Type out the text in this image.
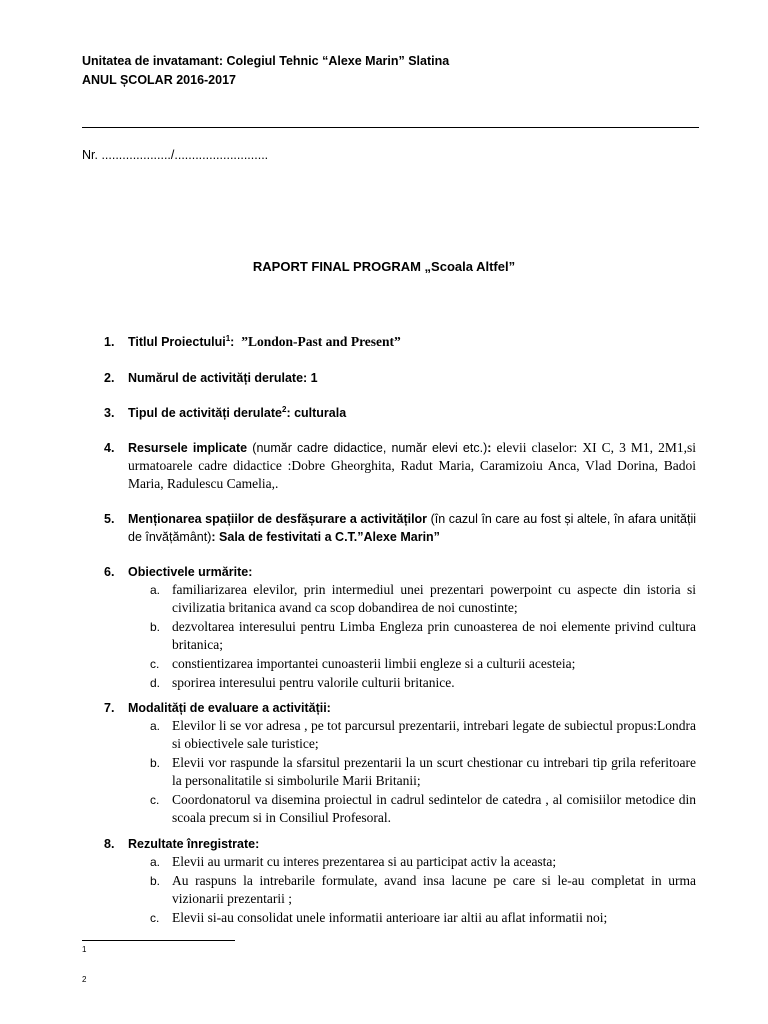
Unitatea de invatamant: Colegiul Tehnic “Alexe Marin” Slatina
ANUL ȘCOLAR 2016-2017
Nr. ..................../...........................
RAPORT FINAL PROGRAM „Scoala Altfel”
1. Titlul Proiectului$^1$: ”London-Past and Present”
2. Numărul de activități derulate: 1
3. Tipul de activități derulate$^2$: culturala
4. Resursele implicate (număr cadre didactice, număr elevi etc.): elevii claselor: XI C, 3 M1, 2M1,si urmatoarele cadre didactice :Dobre Gheorghita, Radut Maria, Caramizoiu Anca, Vlad Dorina, Badoi Maria, Radulescu Camelia,.
5. Menționarea spațiilor de desfășurare a activităților (în cazul în care au fost și altele, în afara unității de învățământ): Sala de festivitati a C.T.”Alexe Marin”
6. Obiectivele urmărite:
a. familiarizarea elevilor, prin intermediul unei prezentari powerpoint cu aspecte din istoria si civilizatia britanica avand ca scop dobandirea de noi cunostinte;
b. dezvoltarea interesului pentru Limba Engleza prin cunoasterea de noi elemente privind cultura britanica;
c. constientizarea importantei cunoasterii limbii engleze si a culturii acesteia;
d. sporirea interesului pentru valorile culturii britanice.
7. Modalități de evaluare a activității:
a. Elevilor li se vor adresa , pe tot parcursul prezentarii, intrebari legate de subiectul propus:Londra si obiectivele sale turistice;
b. Elevii vor raspunde la sfarsitul prezentarii la un scurt chestionar cu intrebari tip grila referitoare la personalitatile si simbolurile Marii Britanii;
c. Coordonatorul va disemina proiectul in cadrul sedintelor de catedra , al comisiilor metodice din scoala precum si in Consiliul Profesoral.
8. Rezultate înregistrate:
a. Elevii au urmarit cu interes prezentarea si au participat activ la aceasta;
b. Au raspuns la intrebarile formulate, avand insa lacune pe care si le-au completat in urma vizionarii prezentarii ;
c. Elevii si-au consolidat unele informatii anterioare iar altii au aflat informatii noi;
1
2
